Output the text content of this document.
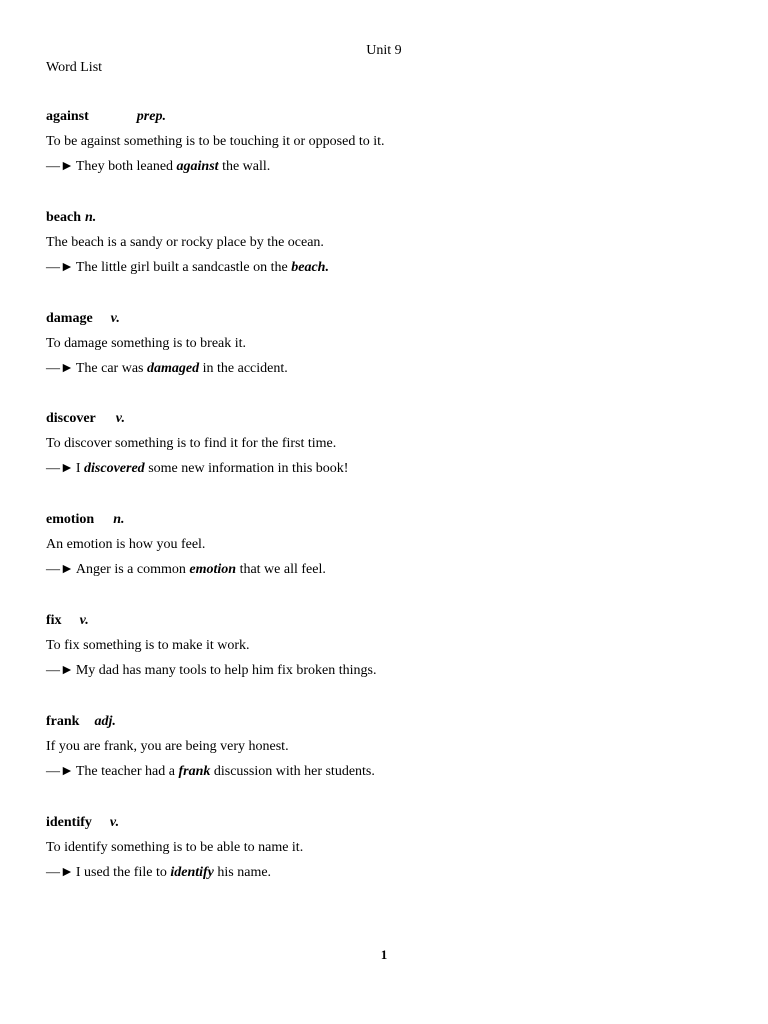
Unit 9
Word List
against	prep.
To be against something is to be touching it or opposed to it.
—► They both leaned against the wall.
beach n.
The beach is a sandy or rocky place by the ocean.
—► The little girl built a sandcastle on the beach.
damage v.
To damage something is to break it.
—► The car was damaged in the accident.
discover v.
To discover something is to find it for the first time.
—► I discovered some new information in this book!
emotion n.
An emotion is how you feel.
—► Anger is a common emotion that we all feel.
fix v.
To fix something is to make it work.
—► My dad has many tools to help him fix broken things.
frank adj.
If you are frank, you are being very honest.
—► The teacher had a frank discussion with her students.
identify v.
To identify something is to be able to name it.
—► I used the file to identify his name.
1
